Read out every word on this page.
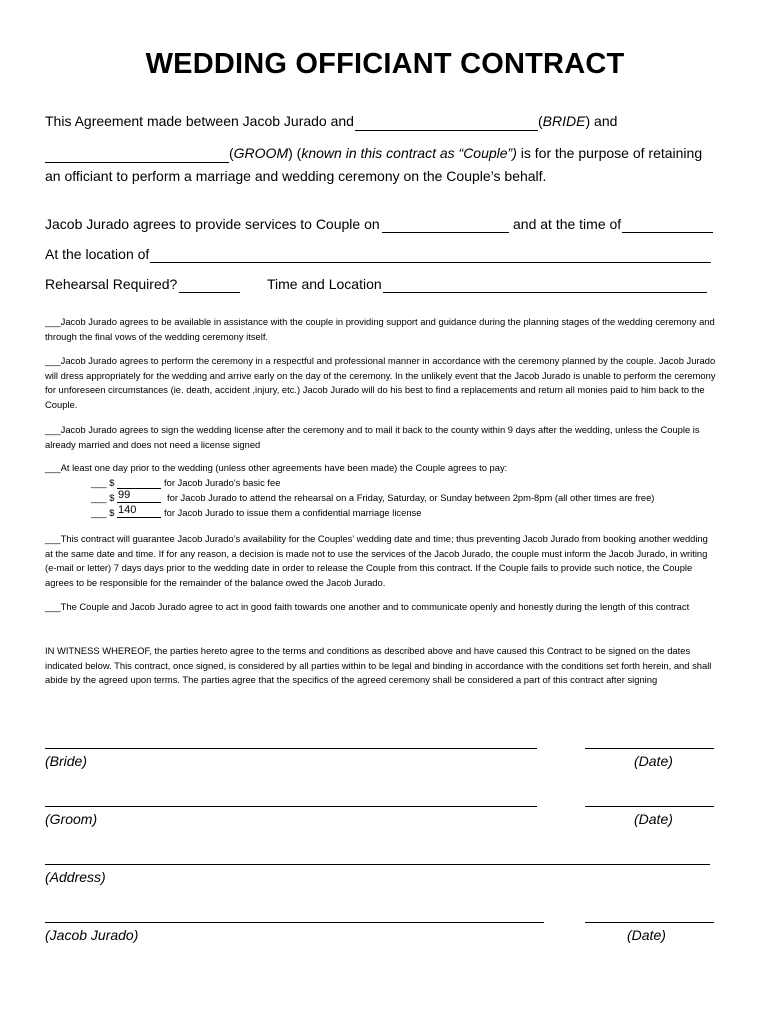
WEDDING OFFICIANT CONTRACT
This Agreement made between Jacob Jurado and	(BRIDE) and
(GROOM) (known in this contract as “Couple”) is for the purpose of retaining
an officiant to perform a marriage and wedding ceremony on the Couple’s behalf.
Jacob Jurado agrees to provide services to Couple on	and at the time of
At the location of
Rehearsal Required?	Time and Location
___Jacob Jurado agrees to be available in assistance with the couple in providing support and guidance during the planning stages of the wedding ceremony and through the final vows of the wedding ceremony itself.
___Jacob Jurado agrees to perform the ceremony in a respectful and professional manner in accordance with the ceremony planned by the couple. Jacob Jurado will dress appropriately for the wedding and arrive early on the day of the ceremony. In the unlikely event that the Jacob Jurado is unable to perform the ceremony for unforeseen circumstances (ie. death, accident ,injury, etc.) Jacob Jurado will do his best to find a replacements and return all monies paid to him back to the Couple.
___Jacob Jurado agrees to sign the wedding license after the ceremony and to mail it back to the county within 9 days after the wedding, unless the Couple is already married and does not need a license signed
___At least one day prior to the wedding (unless other agreements have been made) the Couple agrees to pay:
___ $	for Jacob Jurado's basic fee
___ $ 99	for Jacob Jurado to attend the rehearsal on a Friday, Saturday, or Sunday between 2pm-8pm (all other times are free)
___ $ 140	for Jacob Jurado to issue them a confidential marriage license
___This contract will guarantee Jacob Jurado’s availability for the Couples’ wedding date and time; thus preventing Jacob Jurado from booking another wedding at the same date and time. If for any reason, a decision is made not to use the services of the Jacob Jurado, the couple must inform the Jacob Jurado, in writing (e-mail or letter) 7 days days prior to the wedding date in order to release the Couple from this contract. If the Couple fails to provide such notice, the Couple agrees to be responsible for the remainder of the balance owed the Jacob Jurado.
___The Couple and Jacob Jurado agree to act in good faith towards one another and to communicate openly and honestly during the length of this contract
IN WITNESS WHEREOF, the parties hereto agree to the terms and conditions as described above and have caused this Contract to be signed on the dates indicated below. This contract, once signed, is considered by all parties within to be legal and binding in accordance with the conditions set forth herein, and shall abide by the agreed upon terms. The parties agree that the specifics of the agreed ceremony shall be considered a part of this contract after signing
(Bride)	(Date)
(Groom)	(Date)
(Address)
(Jacob Jurado)	(Date)
